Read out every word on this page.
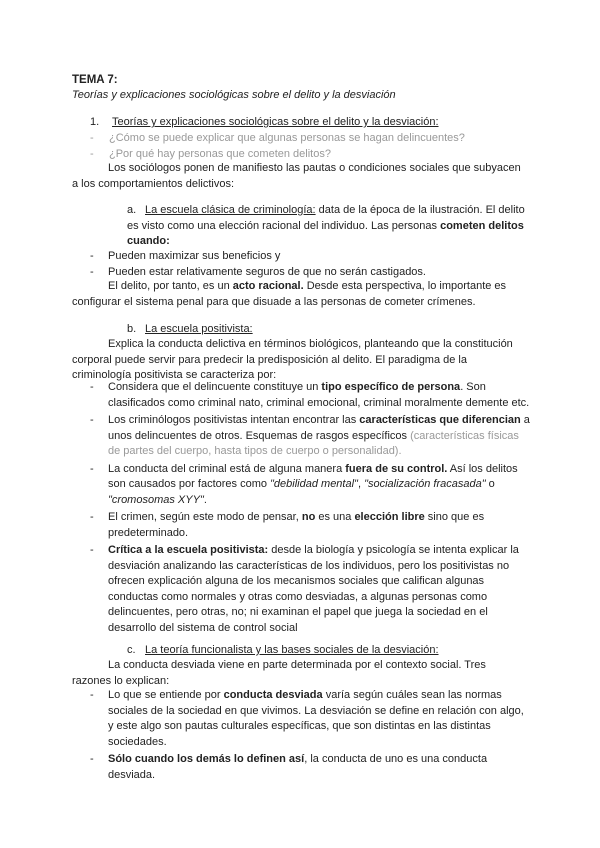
TEMA 7:
Teorías y explicaciones sociológicas sobre el delito y la desviación
1. Teorías y explicaciones sociológicas sobre el delito y la desviación:
- ¿Cómo se puede explicar que algunas personas se hagan delincuentes?
- ¿Por qué hay personas que cometen delitos?
Los sociólogos ponen de manifiesto las pautas o condiciones sociales que subyacen a los comportamientos delictivos:
a. La escuela clásica de criminología: data de la época de la ilustración. El delito es visto como una elección racional del individuo. Las personas cometen delitos cuando:
- Pueden maximizar sus beneficios y
- Pueden estar relativamente seguros de que no serán castigados.
El delito, por tanto, es un acto racional. Desde esta perspectiva, lo importante es configurar el sistema penal para que disuade a las personas de cometer crímenes.
b. La escuela positivista:
Explica la conducta delictiva en términos biológicos, planteando que la constitución corporal puede servir para predecir la predisposición al delito. El paradigma de la criminología positivista se caracteriza por:
- Considera que el delincuente constituye un tipo específico de persona. Son clasificados como criminal nato, criminal emocional, criminal moralmente demente etc.
- Los criminólogos positivistas intentan encontrar las características que diferencian a unos delincuentes de otros. Esquemas de rasgos específicos (características físicas de partes del cuerpo, hasta tipos de cuerpo o personalidad).
- La conducta del criminal está de alguna manera fuera de su control. Así los delitos son causados por factores como "debilidad mental", "socialización fracasada" o "cromosomas XYY".
- El crimen, según este modo de pensar, no es una elección libre sino que es predeterminado.
- Crítica a la escuela positivista: desde la biología y psicología se intenta explicar la desviación analizando las características de los individuos, pero los positivistas no ofrecen explicación alguna de los mecanismos sociales que califican algunas conductas como normales y otras como desviadas, a algunas personas como delincuentes, pero otras, no; ni examinan el papel que juega la sociedad en el desarrollo del sistema de control social
c. La teoría funcionalista y las bases sociales de la desviación:
La conducta desviada viene en parte determinada por el contexto social. Tres razones lo explican:
- Lo que se entiende por conducta desviada varía según cuáles sean las normas sociales de la sociedad en que vivimos. La desviación se define en relación con algo, y este algo son pautas culturales específicas, que son distintas en las distintas sociedades.
- Sólo cuando los demás lo definen así, la conducta de uno es una conducta desviada.
